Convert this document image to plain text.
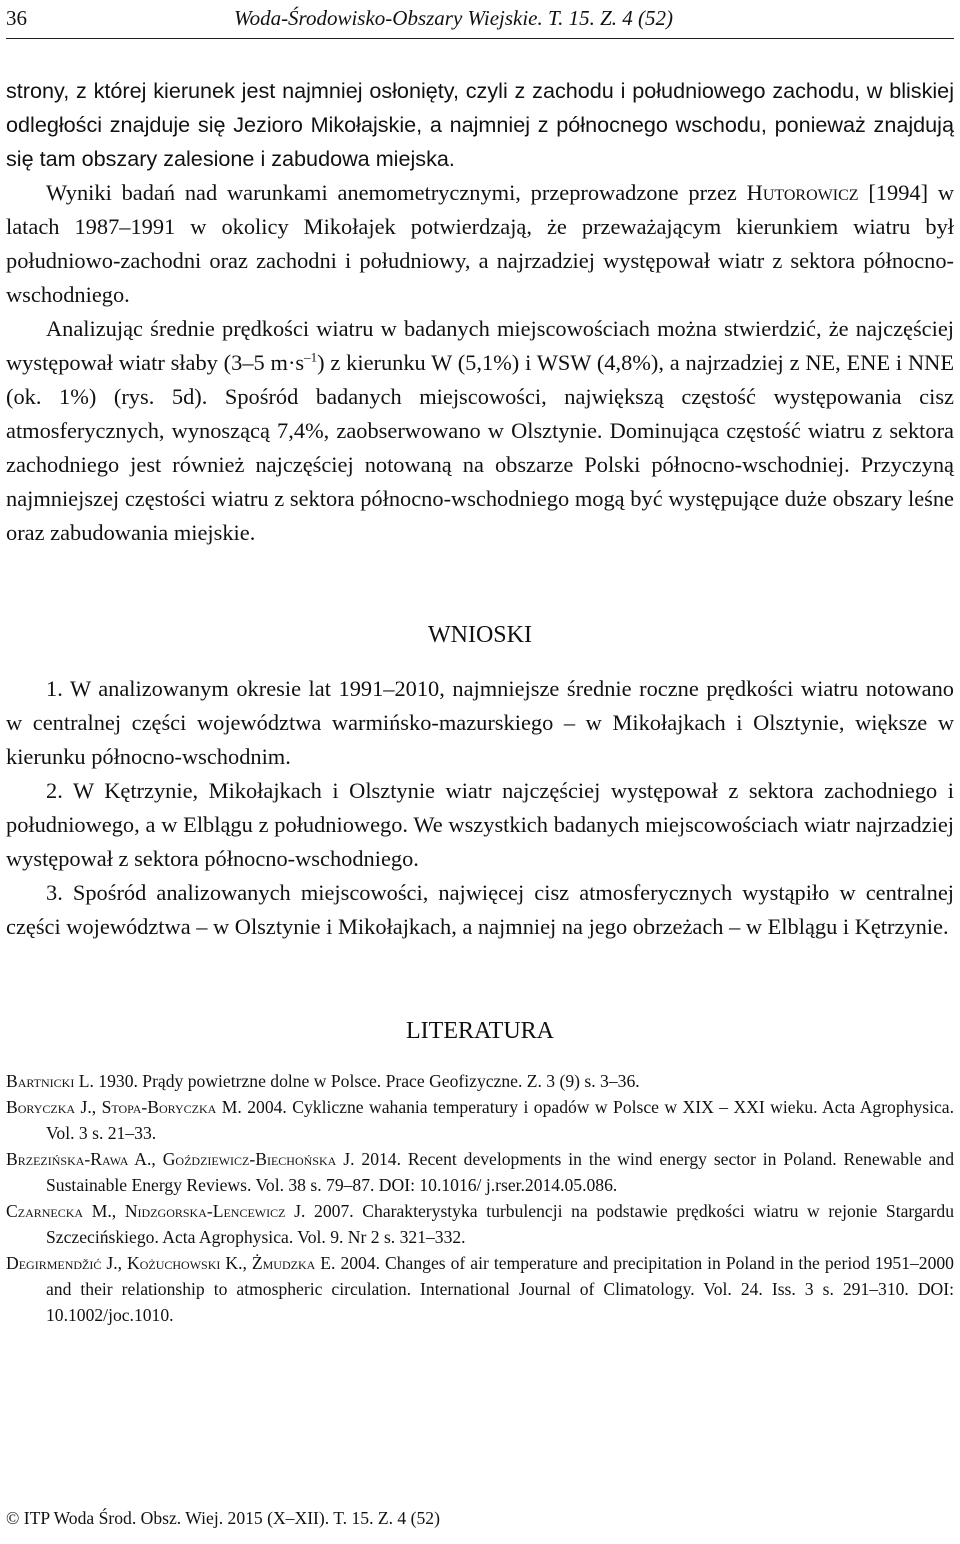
36	Woda-Środowisko-Obszary Wiejskie. T. 15. Z. 4 (52)

strony, z której kierunek jest najmniej osłonięty, czyli z zachodu i południowego zachodu, w bliskiej odległości znajduje się Jezioro Mikołajskie, a najmniej z północnego wschodu, ponieważ znajdują się tam obszary zalesione i zabudowa miejska.

Wyniki badań nad warunkami anemometrycznymi, przeprowadzone przez Hutorowicz [1994] w latach 1987–1991 w okolicy Mikołajek potwierdzają, że przeważającym kierunkiem wiatru był południowo-zachodni oraz zachodni i południowy, a najrzadziej występował wiatr z sektora północno-wschodniego.

Analizując średnie prędkości wiatru w badanych miejscowościach można stwierdzić, że najczęściej występował wiatr słaby (3–5 $m\cdot s^{-1}$) z kierunku W (5,1%) i WSW (4,8%), a najrzadziej z NE, ENE i NNE (ok. 1%) (rys. 5d). Spośród badanych miejscowości, największą częstość występowania cisz atmosferycznych, wynoszącą 7,4%, zaobserwowano w Olsztynie. Dominująca częstość wiatru z sektora zachodniego jest również najczęściej notowaną na obszarze Polski północno-wschodniej. Przyczyną najmniejszej częstości wiatru z sektora północno-wschodniego mogą być występujące duże obszary leśne oraz zabudowania miejskie.

WNIOSKI

1. W analizowanym okresie lat 1991–2010, najmniejsze średnie roczne prędkości wiatru notowano w centralnej części województwa warmińsko-mazurskiego – w Mikołajkach i Olsztynie, większe w kierunku północno-wschodnim.

2. W Kętrzynie, Mikołajkach i Olsztynie wiatr najczęściej występował z sektora zachodniego i południowego, a w Elblągu z południowego. We wszystkich badanych miejscowościach wiatr najrzadziej występował z sektora północno-wschodniego.

3. Spośród analizowanych miejscowości, najwięcej cisz atmosferycznych wystąpiło w centralnej części województwa – w Olsztynie i Mikołajkach, a najmniej na jego obrzeżach – w Elblągu i Kętrzynie.

LITERATURA

Bartnicki L. 1930. Prądy powietrzne dolne w Polsce. Prace Geofizyczne. Z. 3 (9) s. 3–36.

Boryczka J., Stopa-Boryczka M. 2004. Cykliczne wahania temperatury i opadów w Polsce w XIX – XXI wieku. Acta Agrophysica. Vol. 3 s. 21–33.

Brzezińska-Rawa A., Goździewicz-Biechońska J. 2014. Recent developments in the wind energy sector in Poland. Renewable and Sustainable Energy Reviews. Vol. 38 s. 79–87. DOI: 10.1016/ j.rser.2014.05.086.

Czarnecka M., Nidzgorska-Lencewicz J. 2007. Charakterystyka turbulencji na podstawie prędkości wiatru w rejonie Stargardu Szczecińskiego. Acta Agrophysica. Vol. 9. Nr 2 s. 321–332.

Degirmendžić J., Kożuchowski K., Żmudzka E. 2004. Changes of air temperature and precipitation in Poland in the period 1951–2000 and their relationship to atmospheric circulation. International Journal of Climatology. Vol. 24. Iss. 3 s. 291–310. DOI: 10.1002/joc.1010.

© ITP Woda Środ. Obsz. Wiej. 2015 (X–XII). T. 15. Z. 4 (52)
